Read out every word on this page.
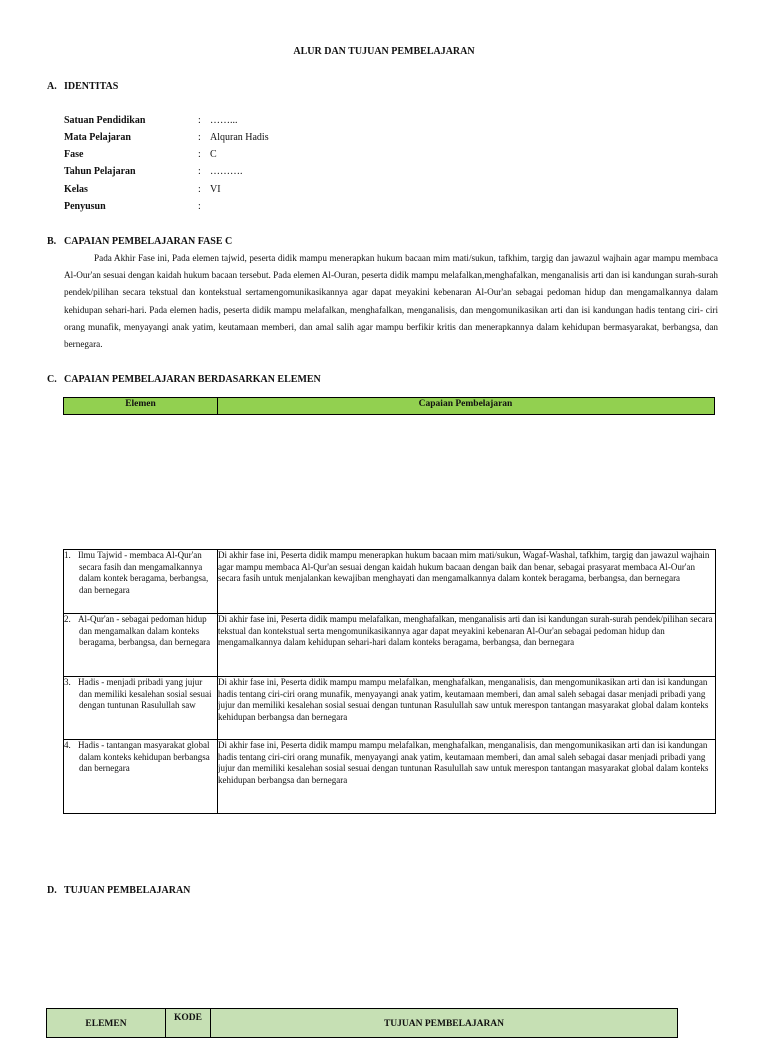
ALUR DAN TUJUAN PEMBELAJARAN
A. IDENTITAS
Satuan Pendidikan	: ……...
Mata Pelajaran	: Alquran Hadis
Fase	: C
Tahun Pelajaran	: ……….
Kelas	: VI
Penyusun	:
B. CAPAIAN PEMBELAJARAN FASE C
Pada Akhir Fase ini, Pada elemen tajwid, peserta didik mampu menerapkan hukum bacaan mim mati/sukun, tafkhim, targig dan jawazul wajhain agar mampu membaca Al-Our'an sesuai dengan kaidah hukum bacaan tersebut. Pada elemen Al-Ouran, peserta didik mampu melafalkan,menghafalkan, menganalisis arti dan isi kandungan surah-surah pendek/pilihan secara tekstual dan kontekstual sertamengomunikasikannya agar dapat meyakini kebenaran Al-Our'an sebagai pedoman hidup dan mengamalkannya dalam kehidupan sehari-hari. Pada elemen hadis, peserta didik mampu melafalkan, menghafalkan, menganalisis, dan mengomunikasikan arti dan isi kandungan hadis tentang ciri- ciri orang munafik, menyayangi anak yatim, keutamaan memberi, dan amal salih agar mampu berfikir kritis dan menerapkannya dalam kehidupan bermasyarakat, berbangsa, dan bernegara.
C. CAPAIAN PEMBELAJARAN BERDASARKAN ELEMEN
Elemen	Capaian Pembelajaran
1. Ilmu Tajwid - membaca Al-Qur'an secara fasih dan mengamalkannya dalam kontek beragama, berbangsa, dan bernegara	Di akhir fase ini, Peserta didik mampu menerapkan hukum bacaan mim mati/sukun, Wagaf-Washal, tafkhim, targig dan jawazul wajhain agar mampu membaca Al-Qur'an sesuai dengan kaidah hukum bacaan dengan baik dan benar, sebagai prasyarat membaca Al-Our'an secara fasih untuk menjalankan kewajiban menghayati dan mengamalkannya dalam kontek beragama, berbangsa, dan bernegara

2. Al-Qur'an - sebagai pedoman hidup dan mengamalkan dalam konteks beragama, berbangsa, dan bernegara	Di akhir fase ini, Peserta didik mampu melafalkan, menghafalkan, menganalisis arti dan isi kandungan surah-surah pendek/pilihan secara tekstual dan kontekstual serta mengomunikasikannya agar dapat meyakini kebenaran Al-Our'an sebagai pedoman hidup dan mengamalkannya dalam kehidupan sehari-hari dalam konteks beragama, berbangsa, dan bernegara

3. Hadis - menjadi pribadi yang jujur dan memiliki kesalehan sosial sesuai dengan tuntunan Rasulullah saw	Di akhir fase ini, Peserta didik mampu mampu melafalkan, menghafalkan, menganalisis, dan mengomunikasikan arti dan isi kandungan hadis tentang ciri-ciri orang munafik, menyayangi anak yatim, keutamaan memberi, dan amal saleh sebagai dasar menjadi pribadi yang jujur dan memiliki kesalehan sosial sesuai dengan tuntunan Rasulullah saw untuk merespon tantangan masyarakat global dalam konteks kehidupan berbangsa dan bernegara

4. Hadis - tantangan masyarakat global dalam konteks kehidupan berbangsa dan bernegara	Di akhir fase ini, Peserta didik mampu mampu melafalkan, menghafalkan, menganalisis, dan mengomunikasikan arti dan isi kandungan hadis tentang ciri-ciri orang munafik, menyayangi anak yatim, keutamaan memberi, dan amal saleh sebagai dasar menjadi pribadi yang jujur dan memiliki kesalehan sosial sesuai dengan tuntunan Rasulullah saw untuk merespon tantangan masyarakat global dalam konteks kehidupan berbangsa dan bernegara
D. TUJUAN PEMBELAJARAN
ELEMEN	KODE	TUJUAN PEMBELAJARAN
